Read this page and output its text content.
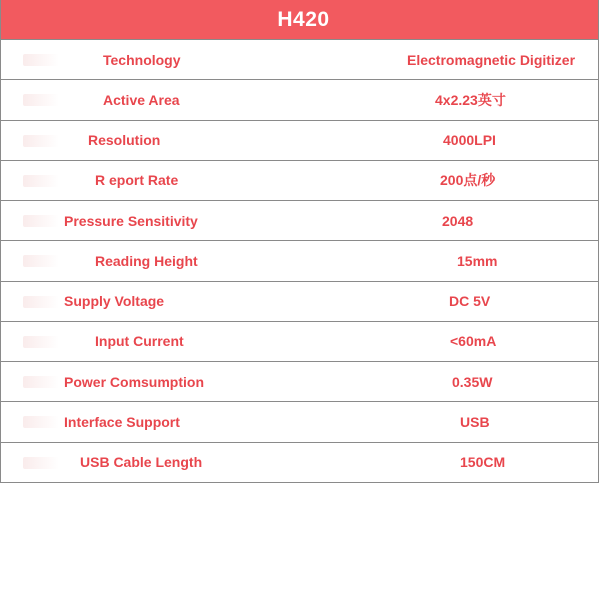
H420
Technology	Electromagnetic Digitizer
Active Area	4x2.23英寸
Resolution	4000LPI
R eport Rate	200点/秒
Pressure Sensitivity	2048
Reading Height	15mm
Supply Voltage	DC 5V
Input Current	<60mA
Power Comsumption	0.35W
Interface Support	USB
USB Cable Length	150CM
